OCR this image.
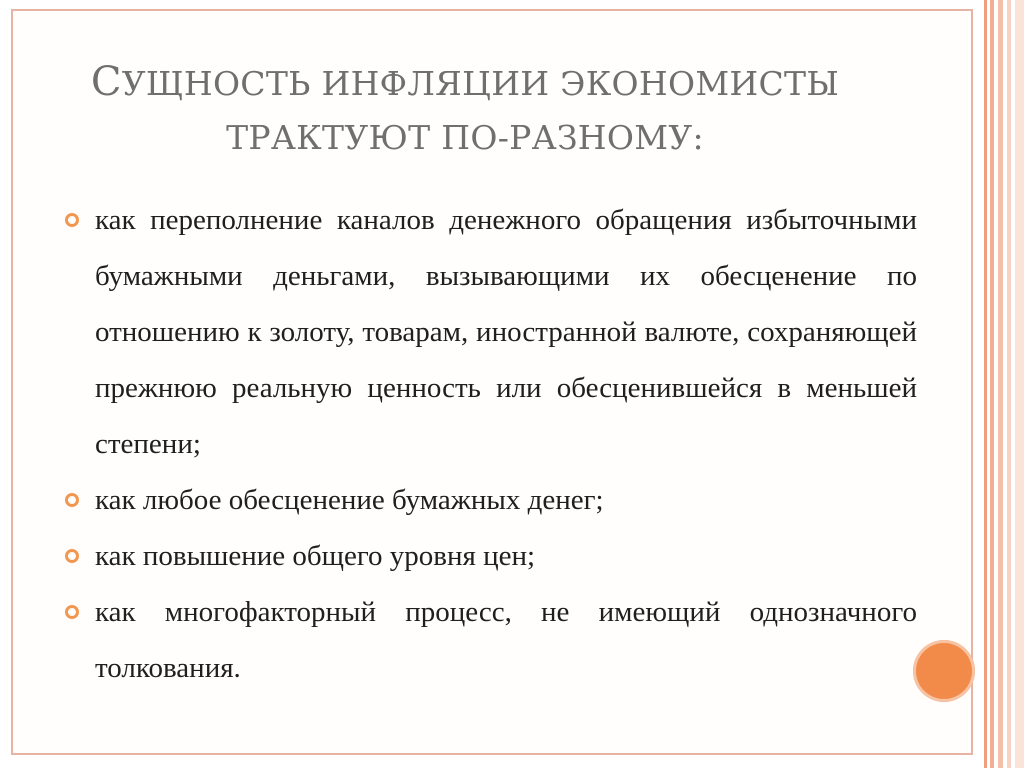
СУЩНОСТЬ ИНФЛЯЦИИ ЭКОНОМИСТЫ
ТРАКТУЮТ ПО-РАЗНОМУ:
как переполнение каналов денежного обращения избыточными бумажными деньгами, вызывающими их обесценение по отношению к золоту, товарам, иностранной валюте, сохраняющей прежнюю реальную ценность или обесценившейся в меньшей степени;
как любое обесценение бумажных денег;
как повышение общего уровня цен;
как многофакторный процесс, не имеющий однозначного толкования.
